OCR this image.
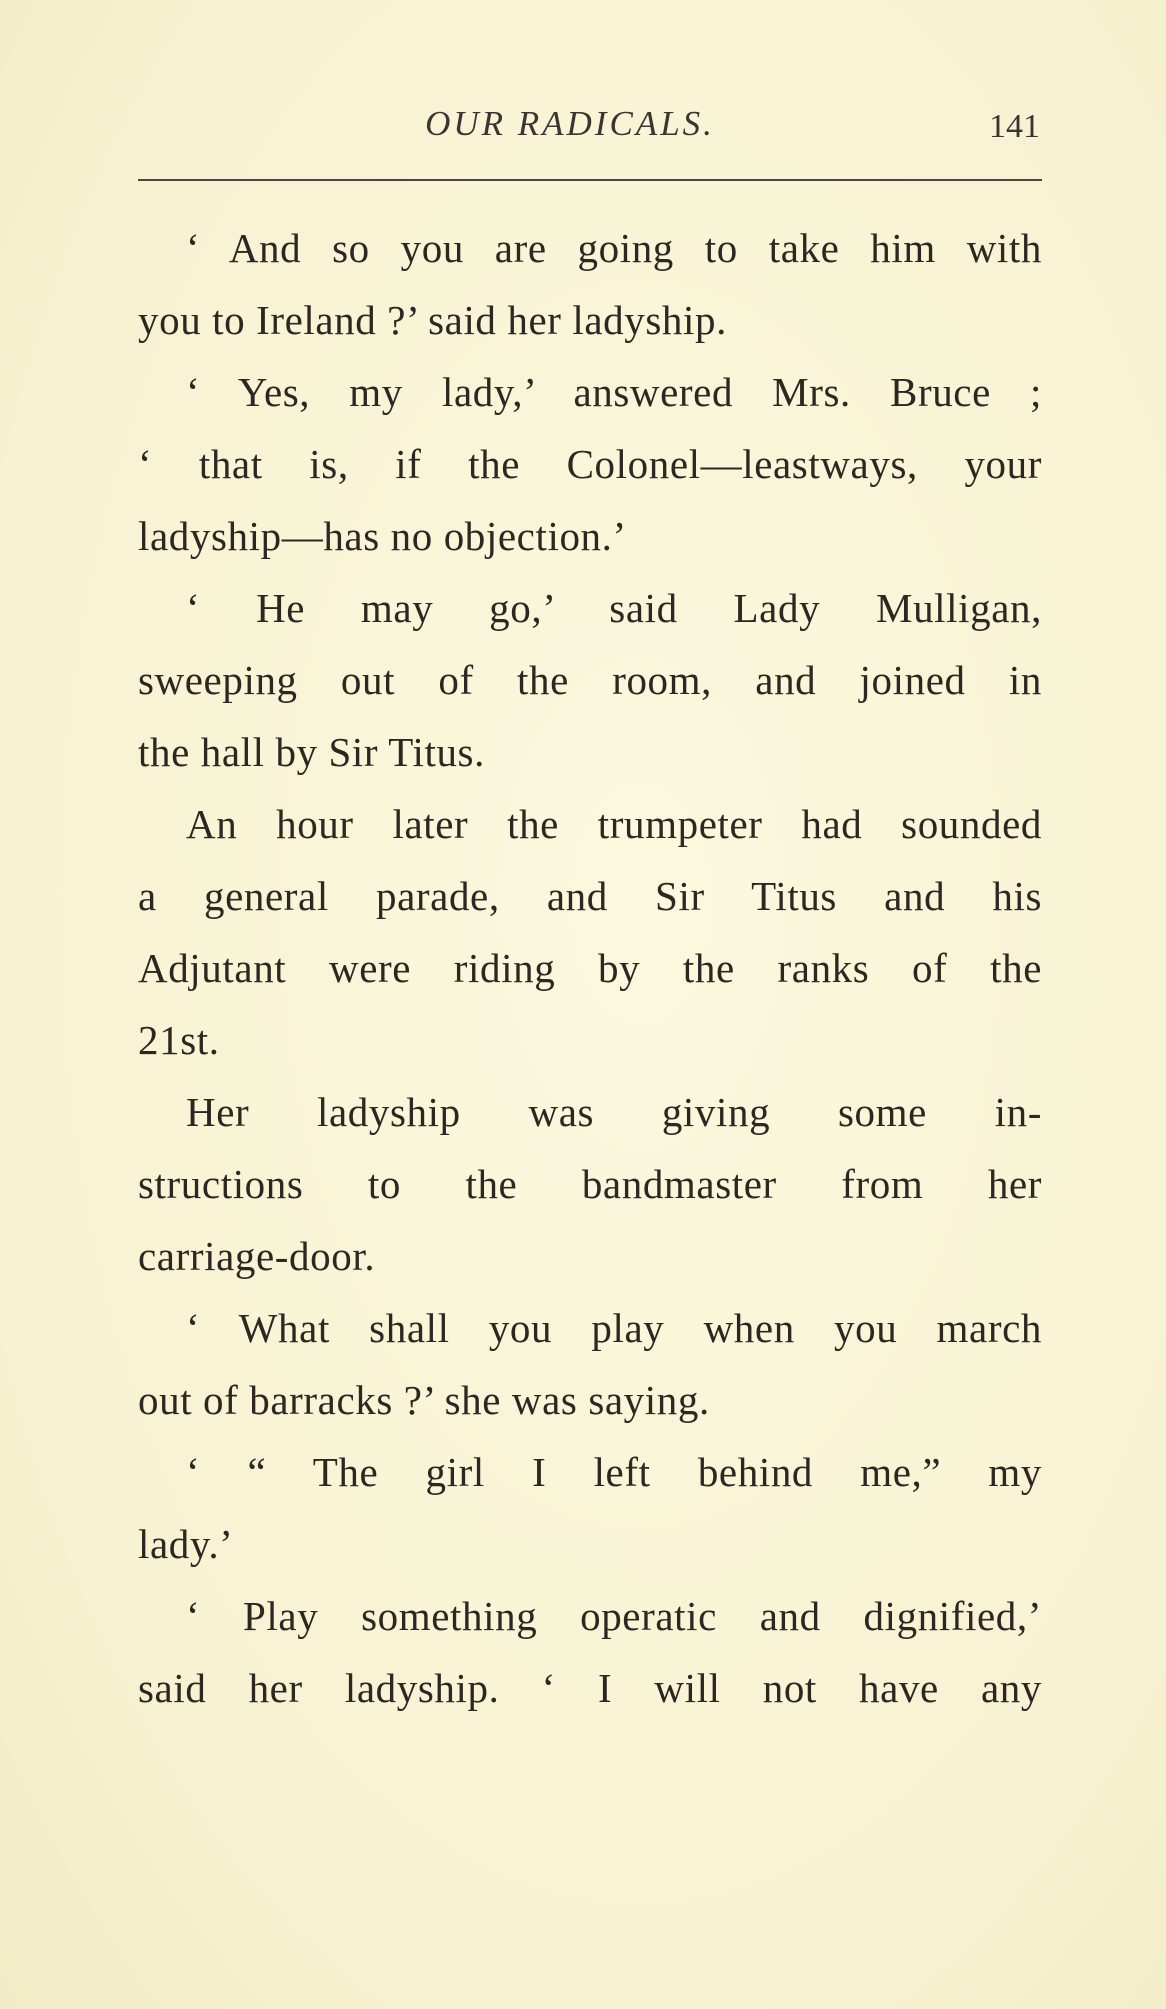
OUR RADICALS.	141
‘ And so you are going to take him with
you to Ireland ?’ said her ladyship.
‘ Yes, my lady,’ answered Mrs. Bruce ;
‘ that is, if the Colonel—leastways, your
ladyship—has no objection.’
‘ He may go,’ said Lady Mulligan,
sweeping out of the room, and joined in
the hall by Sir Titus.
An hour later the trumpeter had sounded
a general parade, and Sir Titus and his
Adjutant were riding by the ranks of the
21st.
Her ladyship was giving some in-
structions to the bandmaster from her
carriage-door.
‘ What shall you play when you march
out of barracks ?’ she was saying.
‘ “ The girl I left behind me,” my
lady.’
‘ Play something operatic and dignified,’
said her ladyship. ‘ I will not have any
